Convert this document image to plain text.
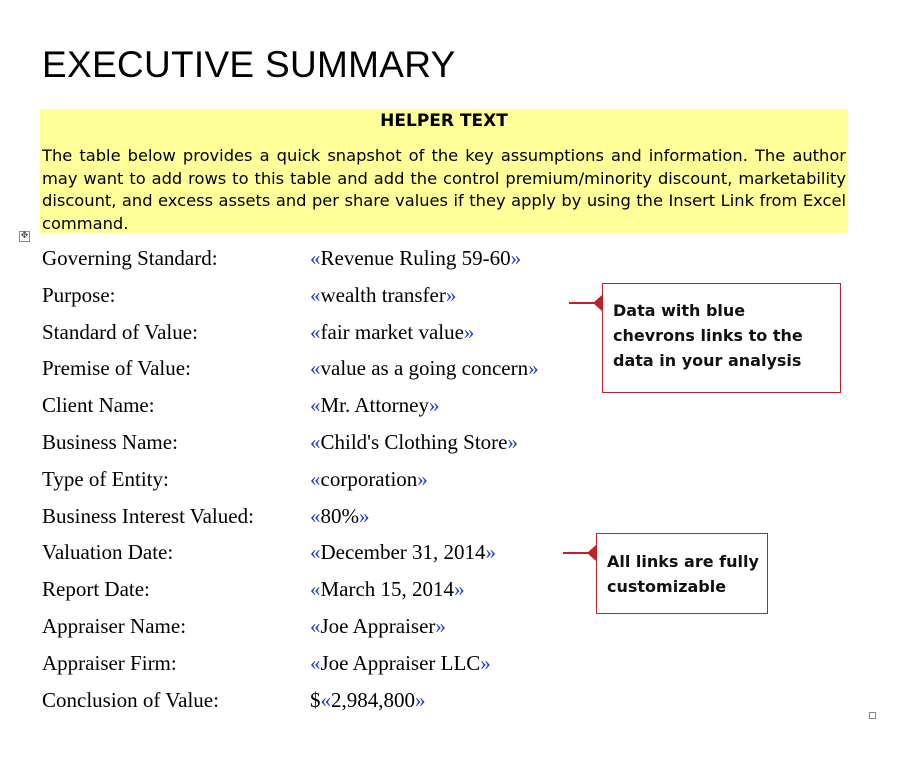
EXECUTIVE SUMMARY
HELPER TEXT
The table below provides a quick snapshot of the key assumptions and information. The author may want to add rows to this table and add the control premium/minority discount, marketability discount, and excess assets and per share values if they apply by using the Insert Link from Excel command.
✥
Governing Standard:	«Revenue Ruling 59-60»
Purpose:	«wealth transfer»
Standard of Value:	«fair market value»
Premise of Value:	«value as a going concern»
Client Name:	«Mr. Attorney»
Business Name:	«Child's Clothing Store»
Type of Entity:	«corporation»
Business Interest Valued:	«80%»
Valuation Date:	«December 31, 2014»
Report Date:	«March 15, 2014»
Appraiser Name:	«Joe Appraiser»
Appraiser Firm:	«Joe Appraiser LLC»
Conclusion of Value:	$«2,984,800»
Data with blue chevrons links to the data in your analysis
All links are fully customizable
